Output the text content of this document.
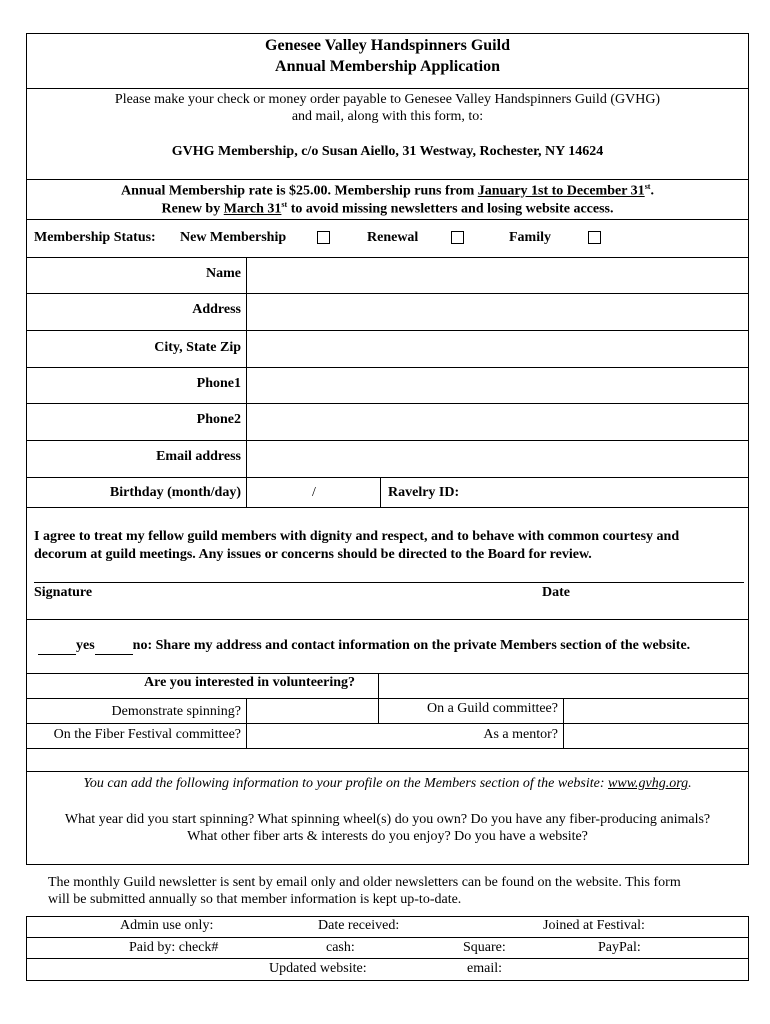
Genesee Valley Handspinners Guild
Annual Membership Application
Please make your check or money order payable to Genesee Valley Handspinners Guild (GVHG)
and mail, along with this form, to:
GVHG Membership, c/o Susan Aiello, 31 Westway, Rochester, NY 14624
Annual Membership rate is $25.00. Membership runs from January 1st to December 31st.
Renew by March 31st to avoid missing newsletters and losing website access.
Membership Status: New Membership	Renewal	Family
Name
Address
City, State Zip
Phone1
Phone2
Email address
Birthday (month/day)	/	Ravelry ID:
I agree to treat my fellow guild members with dignity and respect, and to behave with common courtesy and
decorum at guild meetings. Any issues or concerns should be directed to the Board for review.
Signature	Date
yes	no: Share my address and contact information on the private Members section of the website.
Are you interested in volunteering?
Demonstrate spinning?	On a Guild committee?
On the Fiber Festival committee?	As a mentor?
You can add the following information to your profile on the Members section of the website: www.gvhg.org.
What year did you start spinning? What spinning wheel(s) do you own? Do you have any fiber-producing animals?
What other fiber arts & interests do you enjoy? Do you have a website?
The monthly Guild newsletter is sent by email only and older newsletters can be found on the website. This form
will be submitted annually so that member information is kept up-to-date.
Admin use only:	Date received:	Joined at Festival:
Paid by: check#	cash:	Square:	PayPal:
Updated website:	email:
